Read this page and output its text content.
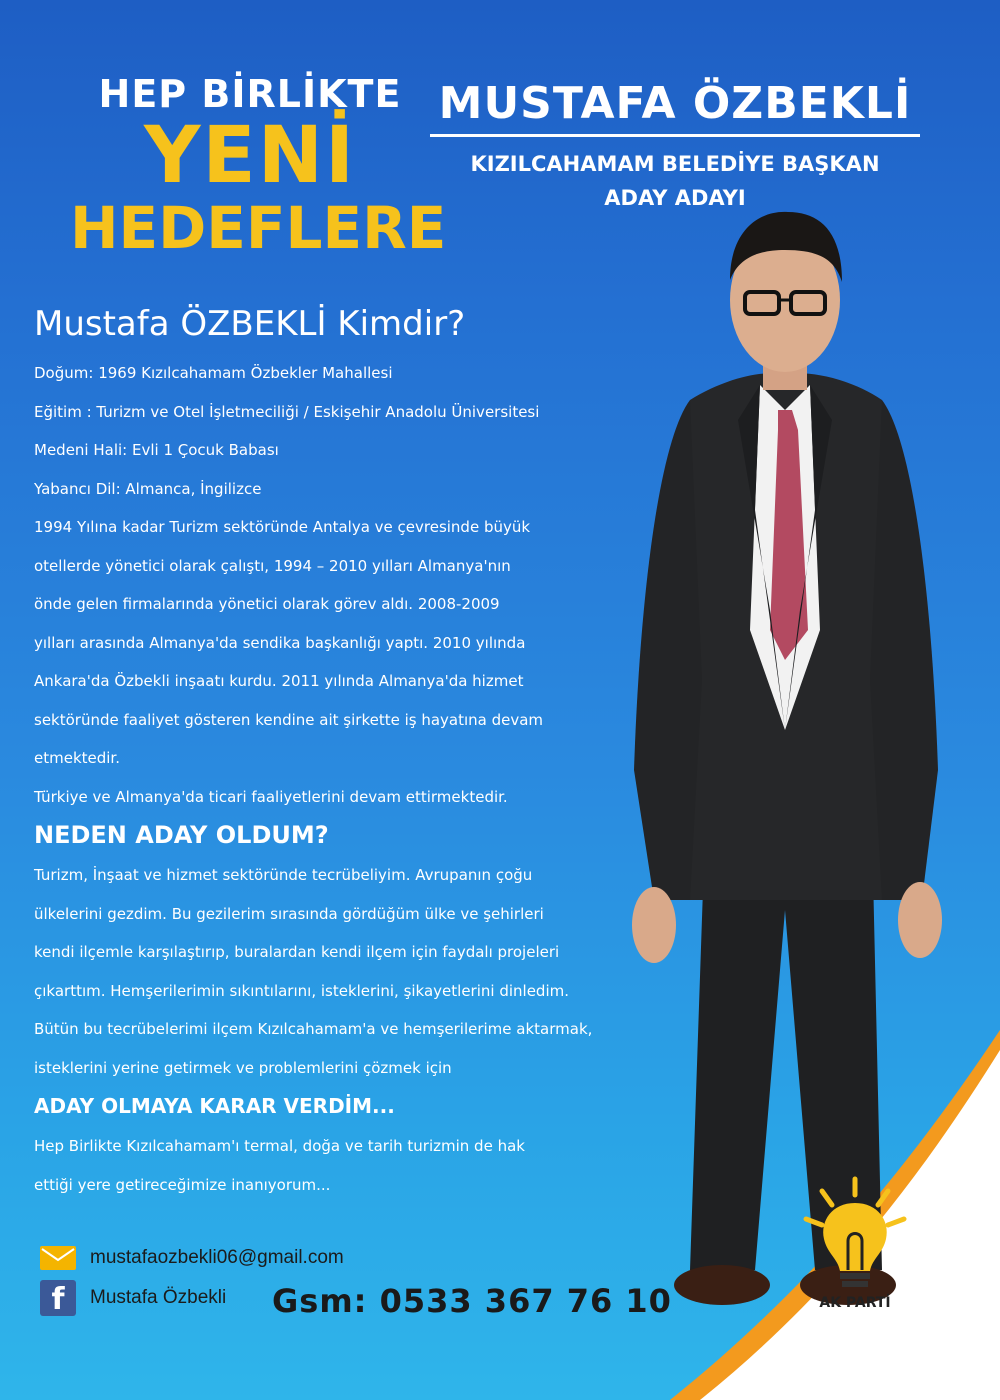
HEP BİRLİKTE
YENİ
HEDEFLERE
MUSTAFA ÖZBEKLİ
KIZILCAHAMAM BELEDİYE BAŞKAN
ADAY ADAYI
Mustafa ÖZBEKLİ Kimdir?
Doğum: 1969 Kızılcahamam Özbekler Mahallesi
Eğitim : Turizm ve Otel İşletmeciliği / Eskişehir Anadolu Üniversitesi
Medeni Hali: Evli 1 Çocuk Babası
Yabancı Dil: Almanca, İngilizce
1994 Yılına kadar Turizm sektöründe Antalya ve çevresinde büyük
otellerde yönetici olarak çalıştı, 1994 – 2010 yılları Almanya'nın
önde gelen firmalarında yönetici olarak görev aldı. 2008-2009
yılları arasında Almanya'da sendika başkanlığı yaptı. 2010 yılında
Ankara'da Özbekli inşaatı kurdu. 2011 yılında Almanya'da hizmet
sektöründe faaliyet gösteren kendine ait şirkette iş hayatına devam
etmektedir.
Türkiye ve Almanya'da ticari faaliyetlerini devam ettirmektedir.
NEDEN ADAY OLDUM?
Turizm, İnşaat ve hizmet sektöründe tecrübeliyim. Avrupanın çoğu
ülkelerini gezdim. Bu gezilerim sırasında gördüğüm ülke ve şehirleri
kendi ilçemle karşılaştırıp, buralardan kendi ilçem için faydalı projeleri
çıkarttım. Hemşerilerimin sıkıntılarını, isteklerini, şikayetlerini dinledim.
Bütün bu tecrübelerimi ilçem Kızılcahamam'a ve hemşerilerime aktarmak,
isteklerini yerine getirmek ve problemlerini çözmek için
ADAY OLMAYA KARAR VERDİM...
Hep Birlikte Kızılcahamam'ı termal, doğa ve tarih turizmin de hak
ettiği yere getireceğimize inanıyorum...
AK PARTİ
mustafaozbekli06@gmail.com
f	Mustafa Özbekli Gsm: 0533 367 76 10
